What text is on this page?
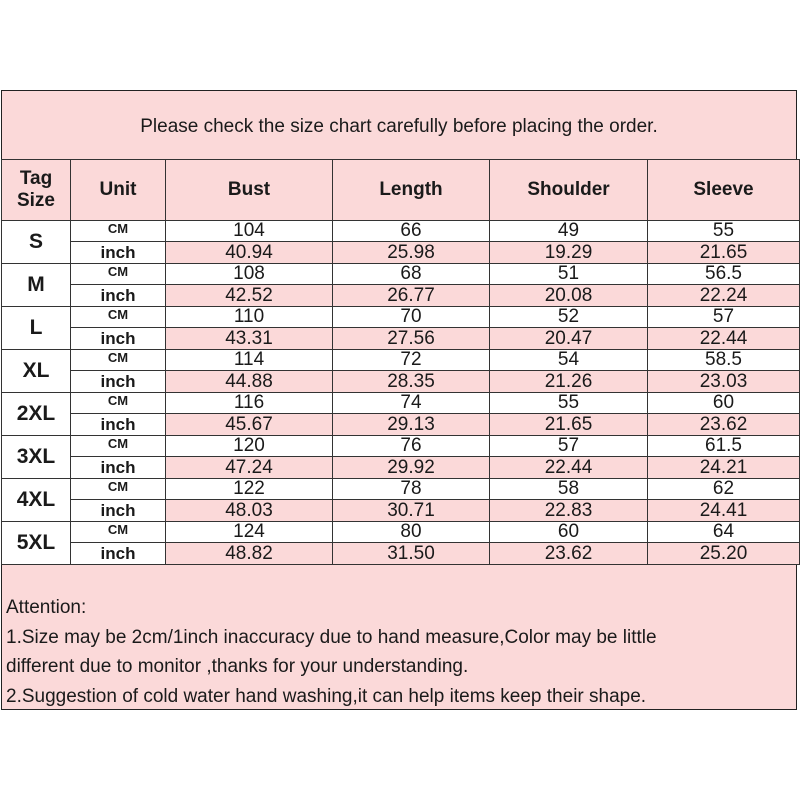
Please check the size chart carefully before placing the order.
Tag
Size	Unit	Bust	Length	Shoulder	Sleeve
S	CM	104	66	49	55
	inch	40.94	25.98	19.29	21.65
M	CM	108	68	51	56.5
	inch	42.52	26.77	20.08	22.24
L	CM	110	70	52	57
	inch	43.31	27.56	20.47	22.44
XL	CM	114	72	54	58.5
	inch	44.88	28.35	21.26	23.03
2XL	CM	116	74	55	60
	inch	45.67	29.13	21.65	23.62
3XL	CM	120	76	57	61.5
	inch	47.24	29.92	22.44	24.21
4XL	CM	122	78	58	62
	inch	48.03	30.71	22.83	24.41
5XL	CM	124	80	60	64
	inch	48.82	31.50	23.62	25.20
Attention:
1.Size may be 2cm/1inch inaccuracy due to hand measure,Color may be little
different due to monitor ,thanks for your understanding.
2.Suggestion of cold water hand washing,it can help items keep their shape.
